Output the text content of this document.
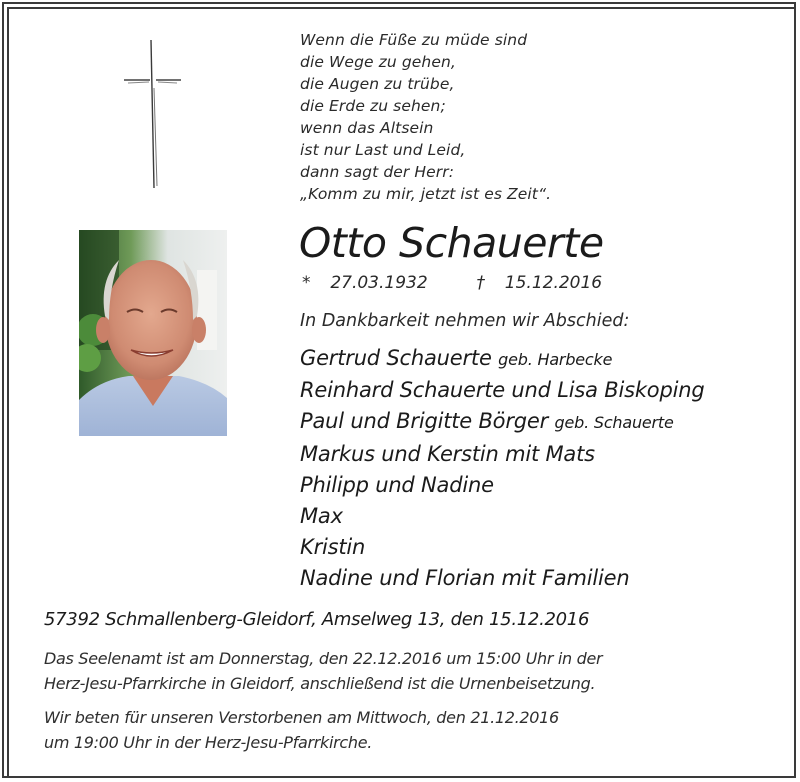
Wenn die Füße zu müde sind
die Wege zu gehen,
die Augen zu trübe,
die Erde zu sehen;
wenn das Altsein
ist nur Last und Leid,
dann sagt der Herr:
„Komm zu mir, jetzt ist es Zeit“.
Otto Schauerte
* 27.03.1932	† 15.12.2016
In Dankbarkeit nehmen wir Abschied:
Gertrud Schauerte geb. Harbecke
Reinhard Schauerte und Lisa Biskoping
Paul und Brigitte Börger geb. Schauerte
Markus und Kerstin mit Mats
Philipp und Nadine
Max
Kristin
Nadine und Florian mit Familien
57392 Schmallenberg-Gleidorf, Amselweg 13, den 15.12.2016
Das Seelenamt ist am Donnerstag, den 22.12.2016 um 15:00 Uhr in der
Herz-Jesu-Pfarrkirche in Gleidorf, anschließend ist die Urnenbeisetzung.
Wir beten für unseren Verstorbenen am Mittwoch, den 21.12.2016
um 19:00 Uhr in der Herz-Jesu-Pfarrkirche.
